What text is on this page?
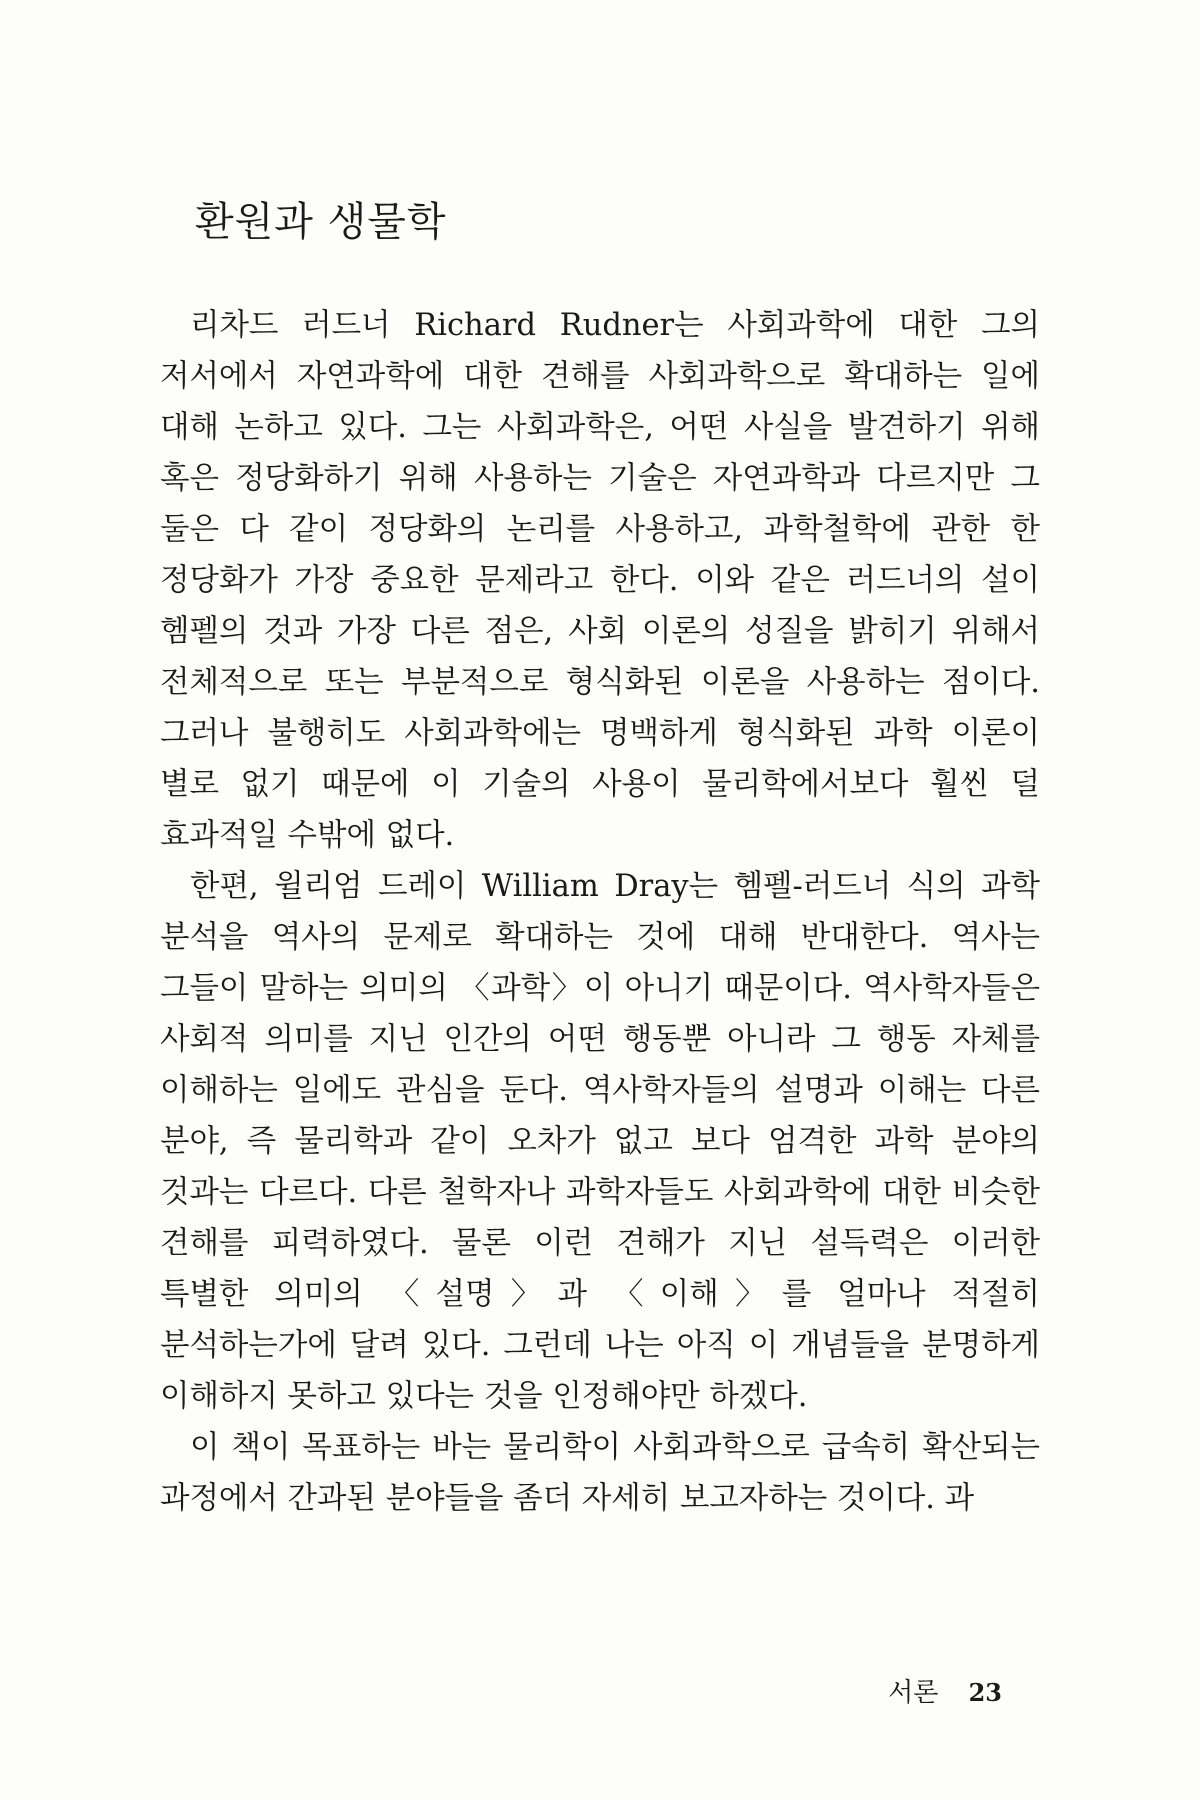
환원과 생물학

리차드 러드너 Richard Rudner는 사회과학에 대한 그의 저서에서 자연과학에 대한 견해를 사회과학으로 확대하는 일에 대해 논하고 있다. 그는 사회과학은, 어떤 사실을 발견하기 위해 혹은 정당화하기 위해 사용하는 기술은 자연과학과 다르지만 그 둘은 다 같이 정당화의 논리를 사용하고, 과학철학에 관한 한 정당화가 가장 중요한 문제라고 한다. 이와 같은 러드너의 설이 헴펠의 것과 가장 다른 점은, 사회 이론의 성질을 밝히기 위해서 전체적으로 또는 부분적으로 형식화된 이론을 사용하는 점이다. 그러나 불행히도 사회과학에는 명백하게 형식화된 과학 이론이 별로 없기 때문에 이 기술의 사용이 물리학에서보다 훨씬 덜 효과적일 수밖에 없다.

한편, 윌리엄 드레이 William Dray는 헴펠-러드너 식의 과학 분석을 역사의 문제로 확대하는 것에 대해 반대한다. 역사는 그들이 말하는 의미의 〈과학〉이 아니기 때문이다. 역사학자들은 사회적 의미를 지닌 인간의 어떤 행동뿐 아니라 그 행동 자체를 이해하는 일에도 관심을 둔다. 역사학자들의 설명과 이해는 다른 분야, 즉 물리학과 같이 오차가 없고 보다 엄격한 과학 분야의 것과는 다르다. 다른 철학자나 과학자들도 사회과학에 대한 비슷한 견해를 피력하였다. 물론 이런 견해가 지닌 설득력은 이러한 특별한 의미의 〈설명〉과 〈이해〉를 얼마나 적절히 분석하는가에 달려 있다. 그런데 나는 아직 이 개념들을 분명하게 이해하지 못하고 있다는 것을 인정해야만 하겠다.

이 책이 목표하는 바는 물리학이 사회과학으로 급속히 확산되는 과정에서 간과된 분야들을 좀더 자세히 보고자하는 것이다. 과

서론 23
